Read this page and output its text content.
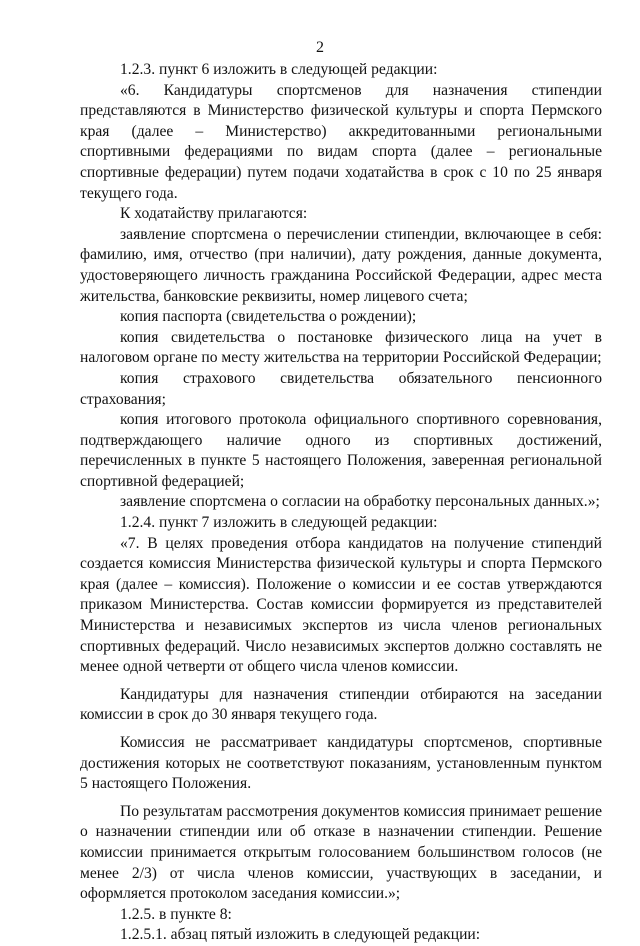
2

1.2.3. пункт 6 изложить в следующей редакции:

«6. Кандидатуры спортсменов для назначения стипендии представляются в Министерство физической культуры и спорта Пермского края (далее – Министерство) аккредитованными региональными спортивными федерациями по видам спорта (далее – региональные спортивные федерации) путем подачи ходатайства в срок с 10 по 25 января текущего года.

К ходатайству прилагаются:

заявление спортсмена о перечислении стипендии, включающее в себя: фамилию, имя, отчество (при наличии), дату рождения, данные документа, удостоверяющего личность гражданина Российской Федерации, адрес места жительства, банковские реквизиты, номер лицевого счета;

копия паспорта (свидетельства о рождении);

копия свидетельства о постановке физического лица на учет в налоговом органе по месту жительства на территории Российской Федерации;

копия страхового свидетельства обязательного пенсионного страхования;

копия итогового протокола официального спортивного соревнования, подтверждающего наличие одного из спортивных достижений, перечисленных в пункте 5 настоящего Положения, заверенная региональной спортивной федерацией;

заявление спортсмена о согласии на обработку персональных данных.»;

1.2.4. пункт 7 изложить в следующей редакции:

«7. В целях проведения отбора кандидатов на получение стипендий создается комиссия Министерства физической культуры и спорта Пермского края (далее – комиссия). Положение о комиссии и ее состав утверждаются приказом Министерства. Состав комиссии формируется из представителей Министерства и независимых экспертов из числа членов региональных спортивных федераций. Число независимых экспертов должно составлять не менее одной четверти от общего числа членов комиссии.

Кандидатуры для назначения стипендии отбираются на заседании комиссии в срок до 30 января текущего года.

Комиссия не рассматривает кандидатуры спортсменов, спортивные достижения которых не соответствуют показаниям, установленным пунктом 5 настоящего Положения.

По результатам рассмотрения документов комиссия принимает решение о назначении стипендии или об отказе в назначении стипендии. Решение комиссии принимается открытым голосованием большинством голосов (не менее 2/3) от числа членов комиссии, участвующих в заседании, и оформляется протоколом заседания комиссии.»;

1.2.5. в пункте 8:

1.2.5.1. абзац пятый изложить в следующей редакции:
